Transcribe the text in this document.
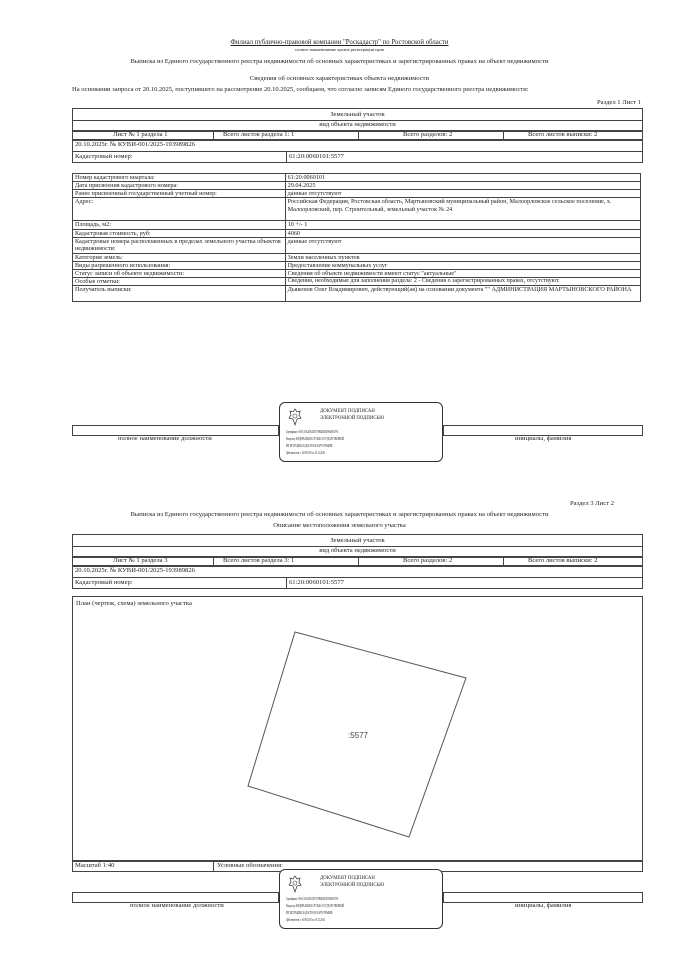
Филиал публично-правовой компании "Роскадастр" по Ростовской области
полное наименование органа регистрации прав
Выписка из Единого государственного реестра недвижимости об основных характеристиках и зарегистрированных правах на объект недвижимости
Сведения об основных характеристиках объекта недвижимости
На основании запроса от 20.10.2025, поступившего на рассмотрение 20.10.2025, сообщаем, что согласно записям Единого государственного реестра недвижимости:
Раздел 1 Лист 1
Земельный участок
вид объекта недвижимости
Лист № 1 раздела 1	Всего листов раздела 1: 1	Всего разделов: 2	Всего листов выписки: 2
20.10.2025г. № КУВИ-001/2025-193989826
Кадастровый номер:	61:20:0060101:5577
Номер кадастрового квартала:	61:20:0060101
Дата присвоения кадастрового номера:	29.04.2025
Ранее присвоенный государственный учетный номер:	данные отсутствуют
Адрес:	Российская Федерация, Ростовская область, Мартыновский муниципальный район, Малоорловское сельское поселение, х. Малоорловский, пер. Строительный, земельный участок № 24
Площадь, м2:	10 +/- 1
Кадастровая стоимость, руб:	4060
Кадастровые номера расположенных в пределах земельного участка объектов недвижимости:	данные отсутствуют
Категория земель:	Земли населенных пунктов
Виды разрешенного использования:	Предоставление коммунальных услуг
Статус записи об объекте недвижимости:	Сведения об объекте недвижимости имеют статус "актуальные"
Особые отметки:	Сведения, необходимые для заполнения раздела: 2 - Сведения о зарегистрированных правах, отсутствуют.
Получатель выписки:	Дьяконов Олег Владимирович, действующий(ая) на основании документа "" АДМИНИСТРАЦИЯ МАРТЫНОВСКОГО РАЙОНА
полное наименование должности	инициалы, фамилия
ДОКУМЕНТ ПОДПИСАН
ЭЛЕКТРОННОЙ ПОДПИСЬЮ
Сертификат: 00A1A5A2DA3D5170B6D4F2E9AB6A7FA
Владелец: ФЕДЕРАЛЬНАЯ СЛУЖБА ГОСУДАРСТВЕННОЙ
РЕГИСТРАЦИИ, КАДАСТРА И КАРТОГРАФИИ
Действителен: с 16.09.2025 по 10.12.2026
Раздел 3 Лист 2
Выписка из Единого государственного реестра недвижимости об основных характеристиках и зарегистрированных правах на объект недвижимости
Описание местоположения земельного участка
Земельный участок
вид объекта недвижимости
Лист № 1 раздела 3	Всего листов раздела 3: 1	Всего разделов: 2	Всего листов выписки: 2
20.10.2025г. № КУВИ-001/2025-193989826
Кадастровый номер:	61:20:0060101:5577
План (чертеж, схема) земельного участка
:5577
Масштаб 1:40	Условные обозначения:
полное наименование должности	инициалы, фамилия
ДОКУМЕНТ ПОДПИСАН
ЭЛЕКТРОННОЙ ПОДПИСЬЮ
Сертификат: 00A1A5A2DA3D5170B6D4F2E9AB6A7FA
Владелец: ФЕДЕРАЛЬНАЯ СЛУЖБА ГОСУДАРСТВЕННОЙ
РЕГИСТРАЦИИ, КАДАСТРА И КАРТОГРАФИИ
Действителен: с 16.09.2025 по 10.12.2026
